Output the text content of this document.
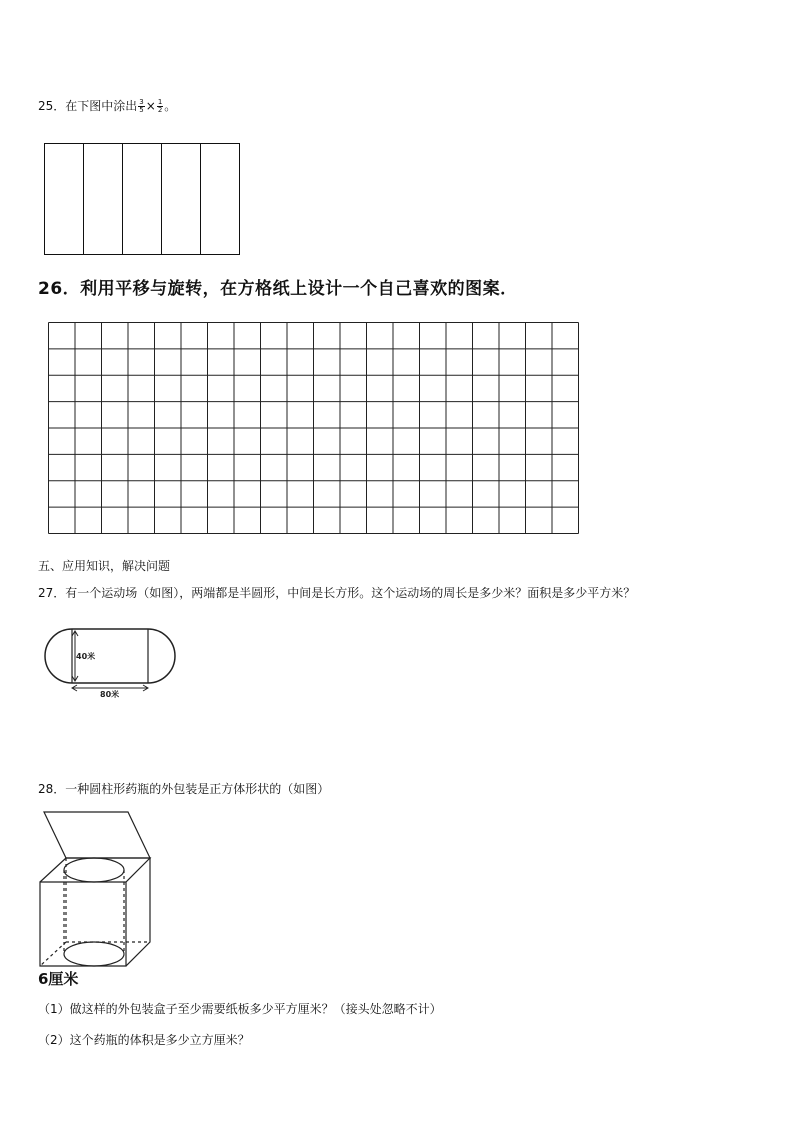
25．在下图中涂出 $\frac{3}{5} \times \frac{1}{2}$ 。
26．利用平移与旋转，在方格纸上设计一个自己喜欢的图案．
五、应用知识，解决问题
27．有一个运动场（如图），两端都是半圆形，中间是长方形。这个运动场的周长是多少米？面积是多少平方米？
40米
80米
28．一种圆柱形药瓶的外包装是正方体形状的（如图）
6厘米
（1）做这样的外包装盒子至少需要纸板多少平方厘米？（接头处忽略不计）
（2）这个药瓶的体积是多少立方厘米？
